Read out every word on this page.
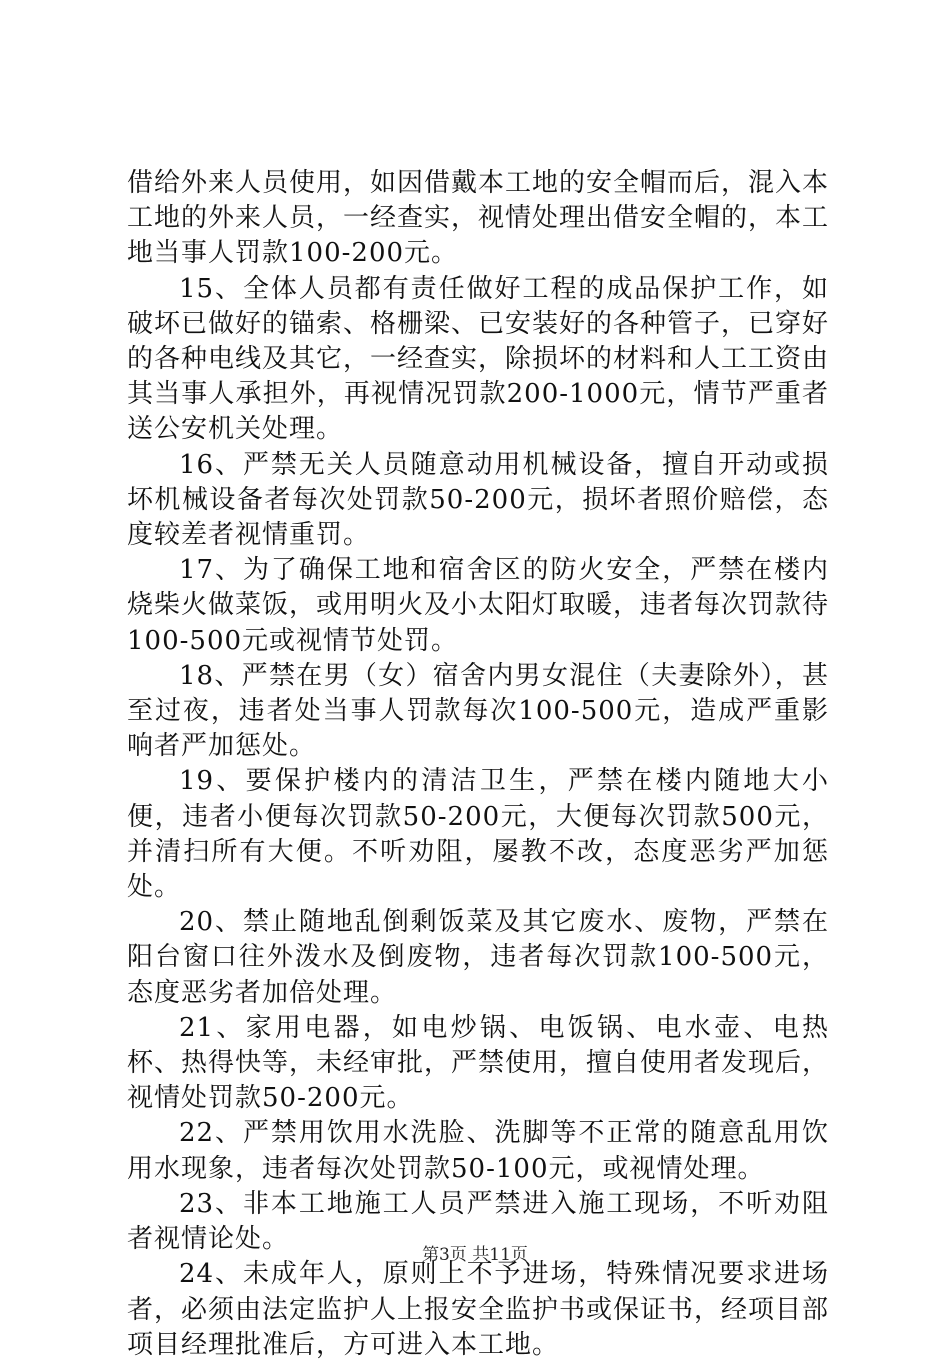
借给外来人员使用，如因借戴本工地的安全帽而后，混入本工地的外来人员，一经查实，视情处理出借安全帽的，本工地当事人罚款100-200元。

15、全体人员都有责任做好工程的成品保护工作，如破坏已做好的锚索、格栅梁、已安装好的各种管子，已穿好的各种电线及其它，一经查实，除损坏的材料和人工工资由其当事人承担外，再视情况罚款200-1000元，情节严重者送公安机关处理。

16、严禁无关人员随意动用机械设备，擅自开动或损坏机械设备者每次处罚款50-200元，损坏者照价赔偿，态度较差者视情重罚。

17、为了确保工地和宿舍区的防火安全，严禁在楼内烧柴火做菜饭，或用明火及小太阳灯取暖，违者每次罚款待100-500元或视情节处罚。

18、严禁在男（女）宿舍内男女混住（夫妻除外），甚至过夜，违者处当事人罚款每次100-500元，造成严重影响者严加惩处。

19、要保护楼内的清洁卫生，严禁在楼内随地大小便，违者小便每次罚款50-200元，大便每次罚款500元，并清扫所有大便。不听劝阻，屡教不改，态度恶劣严加惩处。

20、禁止随地乱倒剩饭菜及其它废水、废物，严禁在阳台窗口往外泼水及倒废物，违者每次罚款100-500元，态度恶劣者加倍处理。

21、家用电器，如电炒锅、电饭锅、电水壶、电热杯、热得快等，未经审批，严禁使用，擅自使用者发现后，视情处罚款50-200元。

22、严禁用饮用水洗脸、洗脚等不正常的随意乱用饮用水现象，违者每次处罚款50-100元，或视情处理。

23、非本工地施工人员严禁进入施工现场，不听劝阻者视情论处。

24、未成年人，原则上不予进场，特殊情况要求进场者，必须由法定监护人上报安全监护书或保证书，经项目部项目经理批准后，方可进入本工地。

第3页 共11页
